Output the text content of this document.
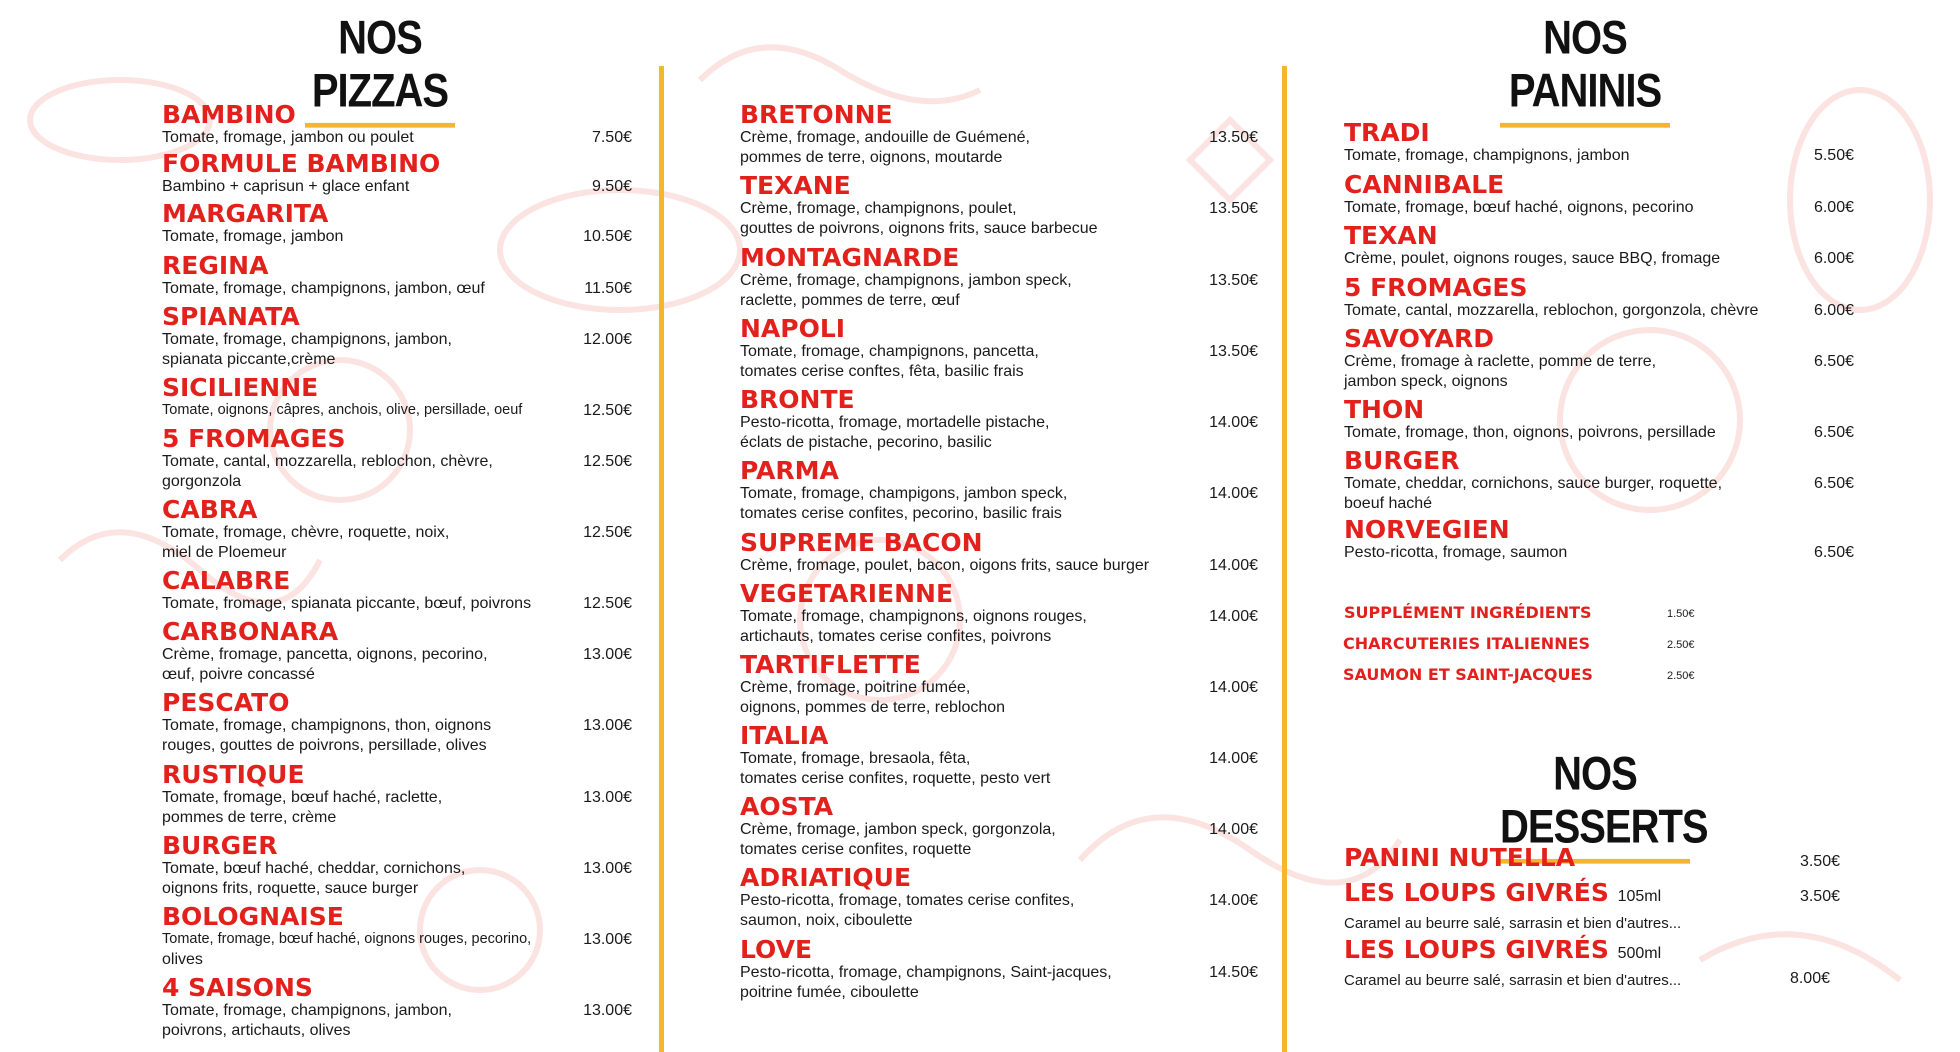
NOS PIZZAS
NOS PANINIS
NOS DESSERTS
BAMBINO
Tomate, fromage, jambon ou poulet	7.50€
FORMULE BAMBINO
Bambino + caprisun + glace enfant	9.50€
MARGARITA
Tomate, fromage, jambon	10.50€
REGINA
Tomate, fromage, champignons, jambon, œuf	11.50€
SPIANATA
Tomate, fromage, champignons, jambon,
spianata piccante,crème
12.00€
SICILIENNE
Tomate, oignons, câpres, anchois, olive, persillade, oeuf	12.50€
5 FROMAGES
Tomate, cantal, mozzarella, reblochon, chèvre,
gorgonzola
12.50€
CABRA
Tomate, fromage, chèvre, roquette, noix,
miel de Ploemeur
12.50€
CALABRE
Tomate, fromage, spianata piccante, bœuf, poivrons	12.50€
CARBONARA
Crème, fromage, pancetta, oignons, pecorino,
œuf, poivre concassé
13.00€
PESCATO
Tomate, fromage, champignons, thon, oignons
rouges, gouttes de poivrons, persillade, olives
13.00€
RUSTIQUE
Tomate, fromage, bœuf haché, raclette,
pommes de terre, crème
13.00€
BURGER
Tomate, bœuf haché, cheddar, cornichons,
oignons frits, roquette, sauce burger
13.00€
BOLOGNAISE
Tomate, fromage, bœuf haché, oignons rouges, pecorino,
olives
13.00€
4 SAISONS
Tomate, fromage, champignons, jambon,
poivrons, artichauts, olives
13.00€
BRETONNE
Crème, fromage, andouille de Guémené,
pommes de terre, oignons, moutarde
13.50€
TEXANE
Crème, fromage, champignons, poulet,
gouttes de poivrons, oignons frits, sauce barbecue
13.50€
MONTAGNARDE
Crème, fromage, champignons, jambon speck,
raclette, pommes de terre, œuf
13.50€
NAPOLI
Tomate, fromage, champignons, pancetta,
tomates cerise conftes, fêta, basilic frais
13.50€
BRONTE
Pesto-ricotta, fromage, mortadelle pistache,
éclats de pistache, pecorino, basilic
14.00€
PARMA
Tomate, fromage, champigons, jambon speck,
tomates cerise confites, pecorino, basilic frais
14.00€
SUPREME BACON
Crème, fromage, poulet, bacon, oigons frits, sauce burger	14.00€
VEGETARIENNE
Tomate, fromage, champignons, oignons rouges,
artichauts, tomates cerise confites, poivrons
14.00€
TARTIFLETTE
Crème, fromage, poitrine fumée,
oignons, pommes de terre, reblochon
14.00€
ITALIA
Tomate, fromage, bresaola, fêta,
tomates cerise confites, roquette, pesto vert
14.00€
AOSTA
Crème, fromage, jambon speck, gorgonzola,
tomates cerise confites, roquette
14.00€
ADRIATIQUE
Pesto-ricotta, fromage, tomates cerise confites,
saumon, noix, ciboulette
14.00€
LOVE
Pesto-ricotta, fromage, champignons, Saint-jacques,
poitrine fumée, ciboulette
14.50€
TRADI
Tomate, fromage, champignons, jambon	5.50€
CANNIBALE
Tomate, fromage, bœuf haché, oignons, pecorino	6.00€
TEXAN
Crème, poulet, oignons rouges, sauce BBQ, fromage	6.00€
5 FROMAGES
Tomate, cantal, mozzarella, reblochon, gorgonzola, chèvre	6.00€
SAVOYARD
Crème, fromage à raclette, pomme de terre,
jambon speck, oignons
6.50€
THON
Tomate, fromage, thon, oignons, poivrons, persillade	6.50€
BURGER
Tomate, cheddar, cornichons, sauce burger, roquette,
boeuf haché
6.50€
NORVEGIEN
Pesto-ricotta, fromage, saumon	6.50€
SUPPLÉMENT INGRÉDIENTS	1.50€
CHARCUTERIES ITALIENNES	2.50€
SAUMON ET SAINT-JACQUES	2.50€
PANINI NUTELLA	3.50€
LES LOUPS GIVRÉS 105ml
Caramel au beurre salé, sarrasin et bien d'autres...
3.50€
LES LOUPS GIVRÉS 500ml
Caramel au beurre salé, sarrasin et bien d'autres...	8.00€
